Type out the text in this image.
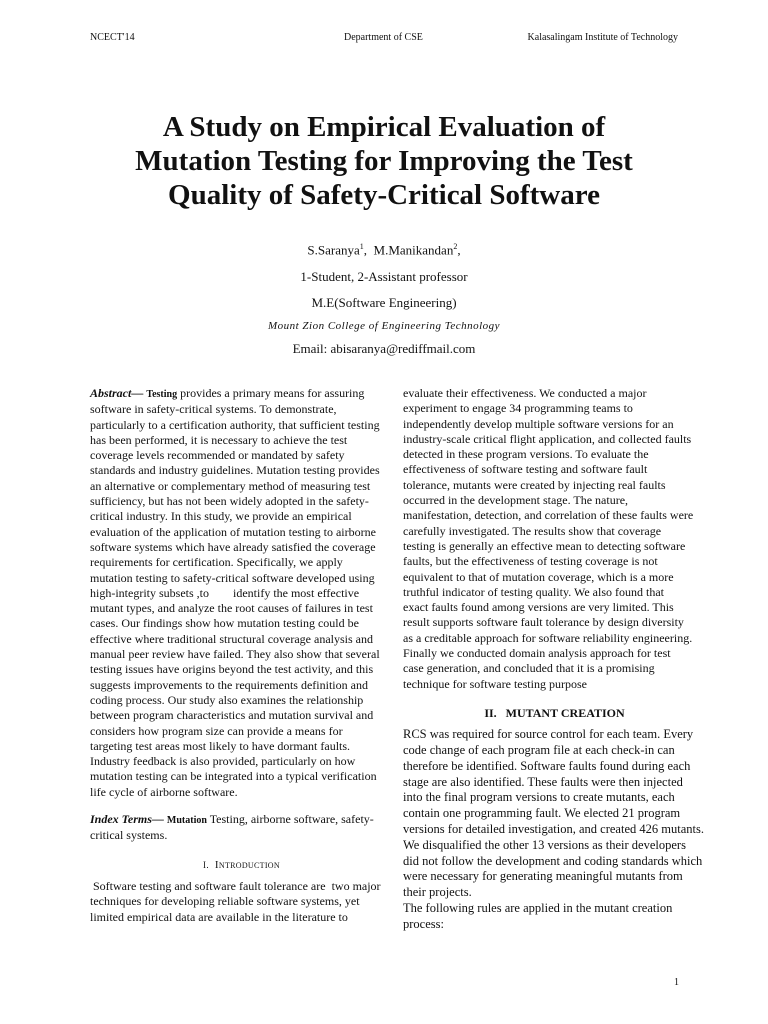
NCECT'14	Department of CSE	Kalasalingam Institute of Technology
A Study on Empirical Evaluation of
Mutation Testing for Improving the Test
Quality of Safety-Critical Software
S.Saranya$^1$,  M.Manikandan$^2$,
1-Student, 2-Assistant professor
M.E(Software Engineering)
Mount Zion College of Engineering Technology
Email: abisaranya@rediffmail.com
Abstract— Testing provides a primary means for assuring
software in safety-critical systems. To demonstrate,
particularly to a certification authority, that sufficient testing
has been performed, it is necessary to achieve the test
coverage levels recommended or mandated by safety
standards and industry guidelines. Mutation testing provides
an alternative or complementary method of measuring test
sufficiency, but has not been widely adopted in the safety-
critical industry. In this study, we provide an empirical
evaluation of the application of mutation testing to airborne
software systems which have already satisfied the coverage
requirements for certification. Specifically, we apply
mutation testing to safety-critical software developed using
high-integrity subsets ,to        identify the most effective
mutant types, and analyze the root causes of failures in test
cases. Our findings show how mutation testing could be
effective where traditional structural coverage analysis and
manual peer review have failed. They also show that several
testing issues have origins beyond the test activity, and this
suggests improvements to the requirements definition and
coding process. Our study also examines the relationship
between program characteristics and mutation survival and
considers how program size can provide a means for
targeting test areas most likely to have dormant faults.
Industry feedback is also provided, particularly on how
mutation testing can be integrated into a typical verification
life cycle of airborne software.
Index Terms— Mutation Testing, airborne software, safety-
critical systems.
I. Introduction
Software testing and software fault tolerance are  two major
techniques for developing reliable software systems, yet
limited empirical data are available in the literature to
evaluate their effectiveness. We conducted a major
experiment to engage 34 programming teams to
independently develop multiple software versions for an
industry-scale critical flight application, and collected faults
detected in these program versions. To evaluate the
effectiveness of software testing and software fault
tolerance, mutants were created by injecting real faults
occurred in the development stage. The nature,
manifestation, detection, and correlation of these faults were
carefully investigated. The results show that coverage
testing is generally an effective mean to detecting software
faults, but the effectiveness of testing coverage is not
equivalent to that of mutation coverage, which is a more
truthful indicator of testing quality. We also found that
exact faults found among versions are very limited. This
result supports software fault tolerance by design diversity
as a creditable approach for software reliability engineering.
Finally we conducted domain analysis approach for test
case generation, and concluded that it is a promising
technique for software testing purpose
II.   MUTANT CREATION
RCS was required for source control for each team. Every
code change of each program file at each check-in can
therefore be identified. Software faults found during each
stage are also identified. These faults were then injected
into the final program versions to create mutants, each
contain one programming fault. We elected 21 program
versions for detailed investigation, and created 426 mutants.
We disqualified the other 13 versions as their developers
did not follow the development and coding standards which
were necessary for generating meaningful mutants from
their projects.
The following rules are applied in the mutant creation
process:
1
